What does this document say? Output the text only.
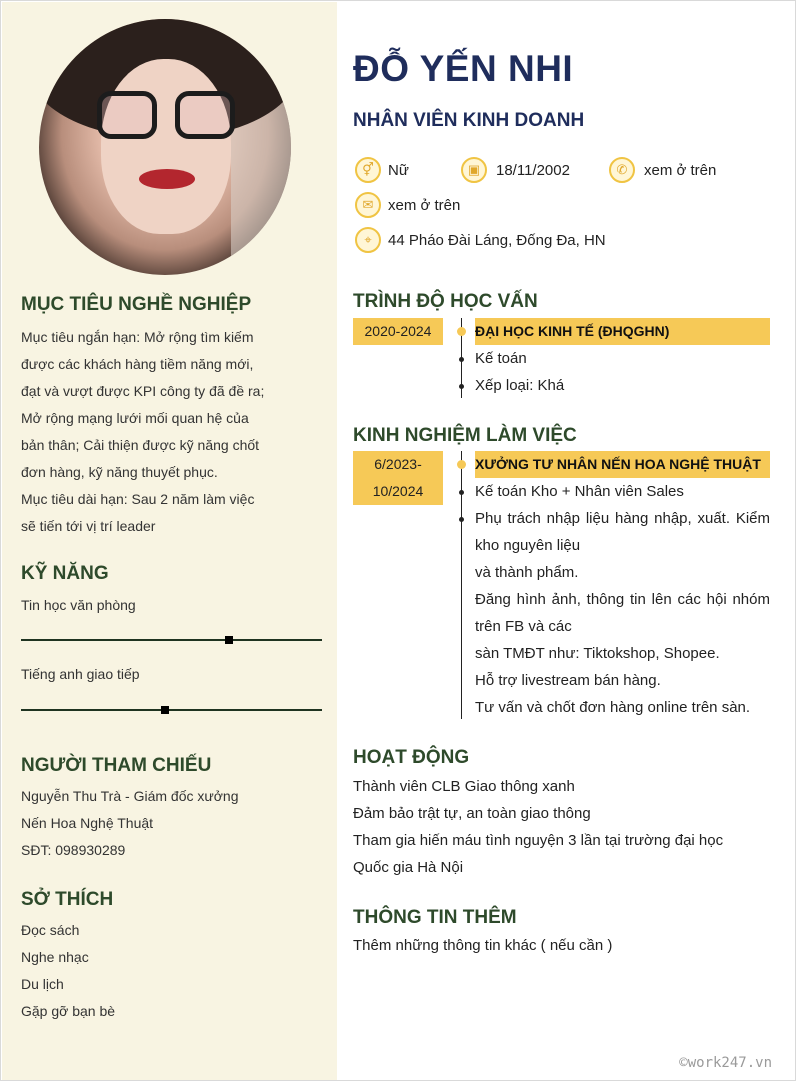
MỤC TIÊU NGHỀ NGHIỆP
Mục tiêu ngắn hạn: Mở rộng tìm kiếm
được các khách hàng tiềm năng mới,
đạt và vượt được KPI công ty đã đề ra;
Mở rộng mạng lưới mối quan hệ của
bản thân; Cải thiện được kỹ năng chốt
đơn hàng, kỹ năng thuyết phục.
Mục tiêu dài hạn: Sau 2 năm làm việc
sẽ tiến tới vị trí leader
KỸ NĂNG
Tin học văn phòng
Tiếng anh giao tiếp
NGƯỜI THAM CHIẾU
Nguyễn Thu Trà - Giám đốc xưởng
Nến Hoa Nghệ Thuật
SĐT: 098930289
SỞ THÍCH
Đọc sách
Nghe nhạc
Du lịch
Gặp gỡ bạn bè
ĐỖ YẾN NHI
NHÂN VIÊN KINH DOANH
⚥ Nữ	▣	18/11/2002	✆	xem ở trên
✉ xem ở trên
⌖	44 Pháo Đài Láng, Đống Đa, HN
TRÌNH ĐỘ HỌC VẤN
2020-2024	ĐẠI HỌC KINH TẾ (ĐHQGHN)
Kế toán
Xếp loại: Khá
KINH NGHIỆM LÀM VIỆC
6/2023-
10/2024
XƯỞNG TƯ NHÂN NẾN HOA NGHỆ THUẬT
Kế toán Kho + Nhân viên Sales
Phụ trách nhập liệu hàng nhập, xuất. Kiểm
kho nguyên liệu
và thành phẩm.
Đăng hình ảnh, thông tin lên các hội nhóm
trên FB và các
sàn TMĐT như: Tiktokshop, Shopee.
Hỗ trợ livestream bán hàng.
Tư vấn và chốt đơn hàng online trên sàn.
HOẠT ĐỘNG
Thành viên CLB Giao thông xanh
Đảm bảo trật tự, an toàn giao thông
Tham gia hiến máu tình nguyện 3 lần tại trường đại học
Quốc gia Hà Nội
THÔNG TIN THÊM
Thêm những thông tin khác ( nếu cần )
©work247.vn
